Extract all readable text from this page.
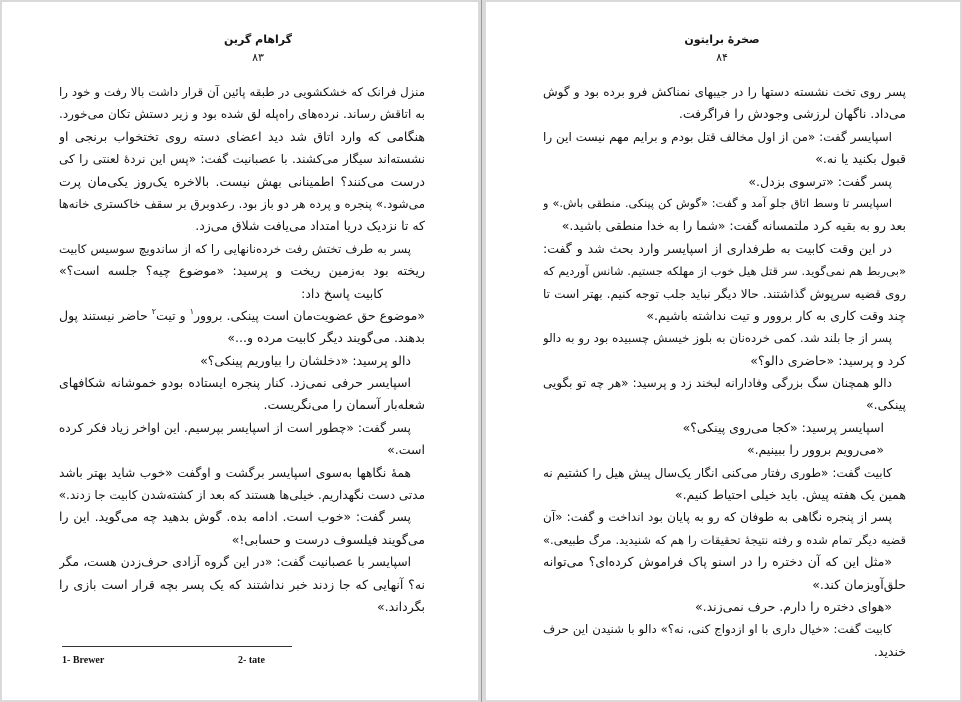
گراهام گرین
۸۳
منزل فرانک که خشکشویی در طبقه پائین آن قرار داشت بالا رفت و خود را
به اتاقش رساند. نرده‌های راه‌پله لق شده بود و زیر دستش تکان می‌خورد.
هنگامی که وارد اتاق شد دید اعضای دسته روی تختخواب برنجی او
نشسته‌اند سیگار می‌کشند. با عصبانیت گفت: «پس این نردهٔ لعنتی را کی
درست می‌کنند؟ اطمینانی بهش نیست. بالاخره یک‌روز یکی‌مان پرت
می‌شود.» پنجره و پرده هر دو باز بود. رعدوبرق بر سقف خاکستری خانه‌ها
که تا نزدیک دریا امتداد می‌یافت شلاق می‌زد.
پسر به طرف تختش رفت خرده‌نانهایی را که از ساندویچ سوسیس کابیت
ریخته بود به‌زمین ریخت و پرسید: «موضوع چیه؟ جلسه است؟»
کابیت پاسخ داد:
«موضوع حق عضویت‌مان است پینکی. بروور$^۱$ و تیت$^۲$ حاضر نیستند پول
بدهند. می‌گویند دیگر کابیت مرده و...»
دالو پرسید: «دخلشان را بیاوریم پینکی؟»
اسپایسر حرفی نمی‌زد. کنار پنجره ایستاده بودو خموشانه شکافهای
شعله‌بار آسمان را می‌نگریست.
پسر گفت: «چطور است از اسپایسر بپرسیم. این اواخر زیاد فکر کرده
است.»
همهٔ نگاهها به‌سوی اسپایسر برگشت و اوگفت «خوب شاید بهتر باشد
مدتی دست نگهداریم. خیلی‌ها هستند که بعد از کشته‌شدن کابیت جا زدند.»
پسر گفت: «خوب است. ادامه بده. گوش بدهید چه می‌گوید. این را
می‌گویند فیلسوف درست و حسابی!»
اسپایسر با عصبانیت گفت: «در این گروه آزادی حرف‌زدن هست، مگر
نه؟ آنهایی که جا زدند خبر نداشتند که یک پسر بچه قرار است بازی را
بگرداند.»
1- Brewer	2- tate
صخرهٔ برایتون
۸۴
پسر روی تخت نشسته دستها را در جیبهای نمناکش فرو برده بود و گوش
می‌داد. ناگهان لرزشی وجودش را فراگرفت.
اسپایسر گفت: «من از اول مخالف قتل بودم و برایم مهم نیست این را
قبول بکنید یا نه.»
پسر گفت: «ترسوی بزدل.»
اسپایسر تا وسط اتاق جلو آمد و گفت: «گوش کن پینکی. منطقی باش.» و
بعد رو به بقیه کرد ملتمسانه گفت: «شما را به خدا منطقی باشید.»
در این وقت کابیت به طرفداری از اسپایسر وارد بحث شد و گفت:
«بی‌ربط هم نمی‌گوید. سر قتل هیل خوب از مهلکه جستیم. شانس آوردیم که
روی قضیه سرپوش گذاشتند. حالا دیگر نباید جلب توجه کنیم. بهتر است تا
چند وقت کاری به کار بروور و تیت نداشته باشیم.»
پسر از جا بلند شد. کمی خرده‌نان به بلوز خیسش چسبیده بود رو به دالو
کرد و پرسید: «حاضری دالو؟»
دالو همچنان سگ بزرگی وفادارانه لبخند زد و پرسید: «هر چه تو بگویی
پینکی.»
اسپایسر پرسید: «کجا می‌روی پینکی؟»
«می‌رویم بروور را ببینیم.»
کابیت گفت: «طوری رفتار می‌کنی انگار یک‌سال پیش هیل را کشتیم نه
همین یک هفته پیش. باید خیلی احتیاط کنیم.»
پسر از پنجره نگاهی به طوفان که رو به پایان بود انداخت و گفت: «آن
قضیه دیگر تمام شده و رفته نتیجهٔ تحقیقات را هم که شنیدید. مرگ طبیعی.»
«مثل این که آن دختره را در اسنو پاک فراموش کرده‌ای؟ می‌توانه
حلق‌آویزمان کند.»
«هوای دختره را دارم. حرف نمی‌زند.»
کابیت گفت: «خیال داری با او ازدواج کنی، نه؟» دالو با شنیدن این حرف
خندید.
